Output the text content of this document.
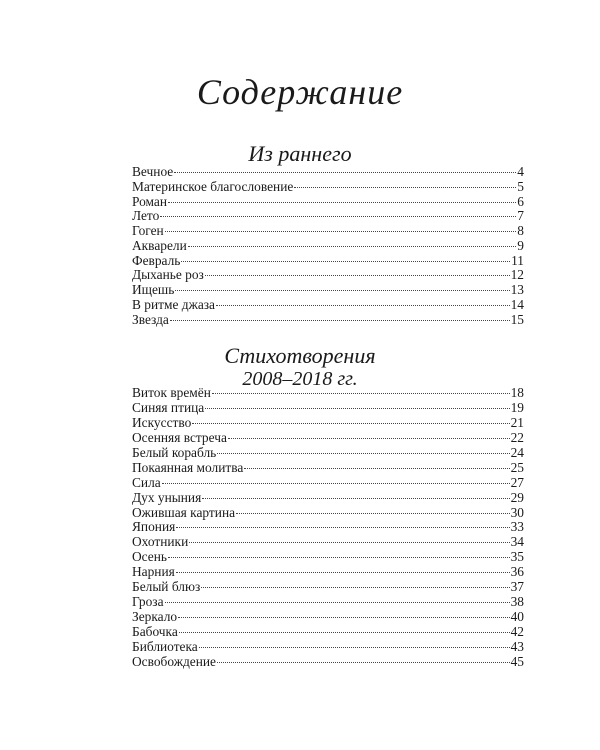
Содержание
Из раннего
Вечное	4
Материнское благословение	5
Роман	6
Лето	7
Гоген	8
Акварели	9
Февраль	11
Дыханье роз	12
Ищешь	13
В ритме джаза	14
Звезда	15
Стихотворения
2008–2018 гг.
Виток времён	18
Синяя птица	19
Искусство	21
Осенняя встреча	22
Белый корабль	24
Покаянная молитва	25
Сила	27
Дух уныния	29
Ожившая картина	30
Япония	33
Охотники	34
Осень	35
Нарния	36
Белый блюз	37
Гроза	38
Зеркало	40
Бабочка	42
Библиотека	43
Освобождение	45
